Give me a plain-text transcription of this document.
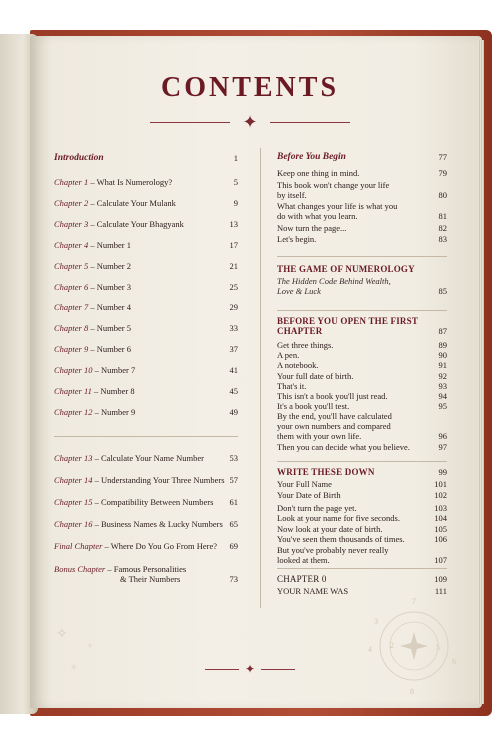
CONTENTS
✦
Introduction	1
Chapter 1 – What Is Numerology?	5
Chapter 2 – Calculate Your Mulank	9
Chapter 3 – Calculate Your Bhagyank	13
Chapter 4 – Number 1	17
Chapter 5 – Number 2	21
Chapter 6 – Number 3	25
Chapter 7 – Number 4	29
Chapter 8 – Number 5	33
Chapter 9 – Number 6	37
Chapter 10 – Number 7	41
Chapter 11 – Number 8	45
Chapter 12 – Number 9	49
Chapter 13 – Calculate Your Name Number	53
Chapter 14 – Understanding Your Three Numbers 57
Chapter 15 – Compatibility Between Numbers 61
Chapter 16 – Business Names & Lucky Numbers 65
Final Chapter – Where Do You Go From Here? 69
Bonus Chapter – Famous Personalities
& Their Numbers	73
Before You Begin	77
Keep one thing in mind.	79
This book won't change your life
by itself.	80
What changes your life is what you
do with what you learn.	81
Now turn the page...	82
Let's begin.	83
THE GAME OF NUMEROLOGY
The Hidden Code Behind Wealth,
Love & Luck	85
BEFORE YOU OPEN THE FIRST
CHAPTER	87
Get three things.	89
A pen.	90
A notebook.	91
Your full date of birth.	92
That's it.	93
This isn't a book you'll just read.	94
It's a book you'll test.	95
By the end, you'll have calculated
your own numbers and compared
them with your own life.	96
Then you can decide what you believe.	97
WRITE THESE DOWN	99
Your Full Name	101
Your Date of Birth	102
Don't turn the page yet.	103
Look at your name for five seconds.	104
Now look at your date of birth.	105
You've seen them thousands of times.	106
But you've probably never really
looked at them.	107
CHAPTER 0	109
YOUR NAME WAS	111
✧
✧
✧
✦
7
3
2
4	5
6
8
